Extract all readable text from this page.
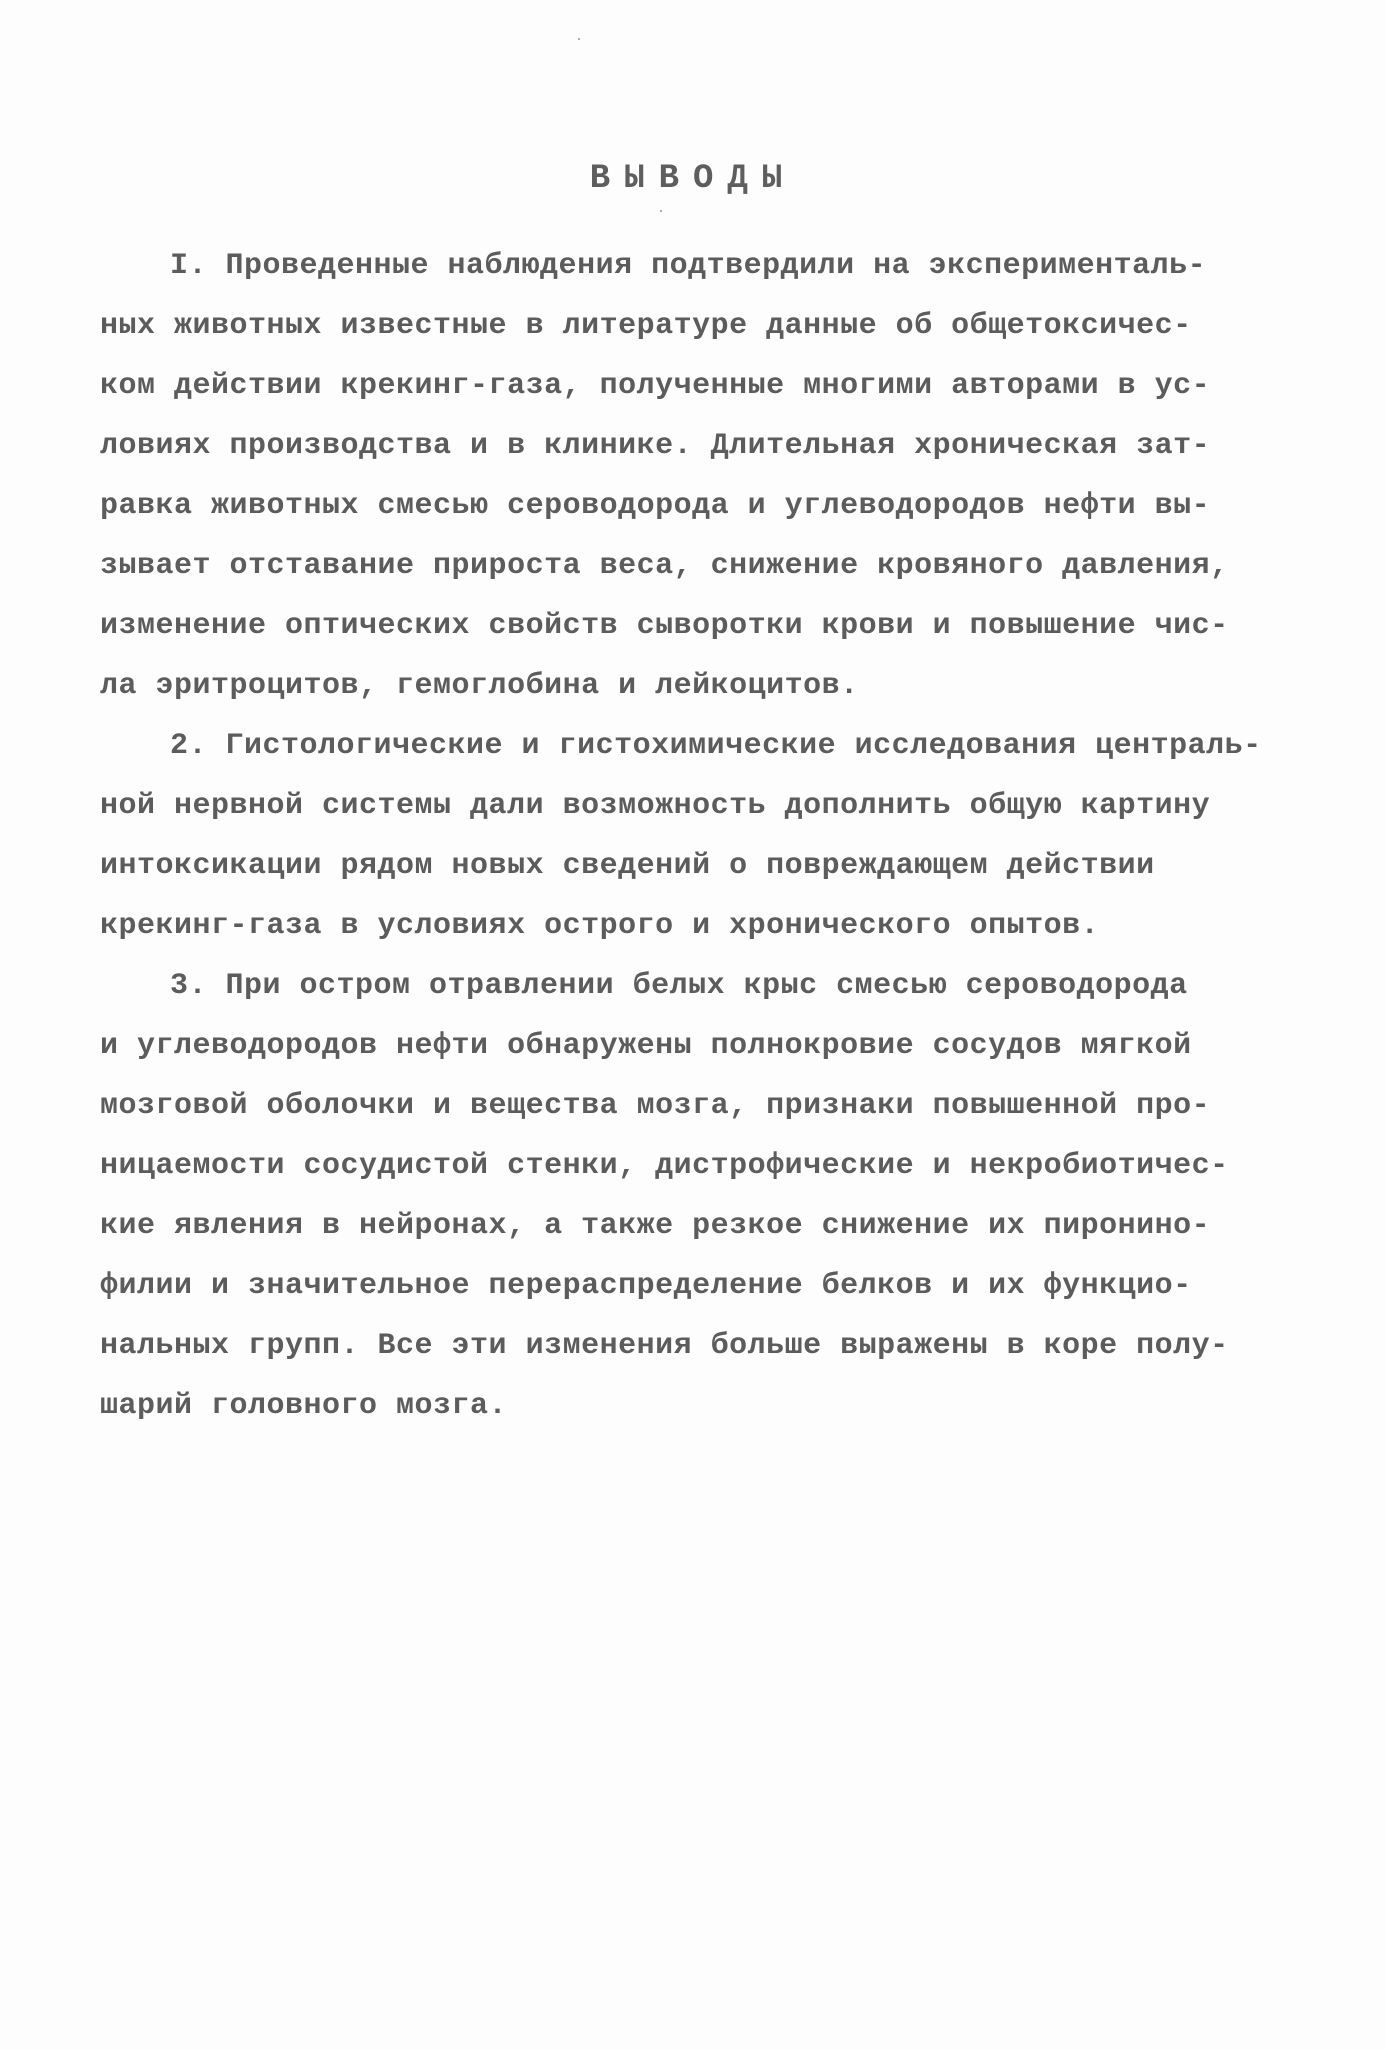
ВЫВОДЫ
I. Проведенные наблюдения подтвердили на эксперименталь-
ных животных известные в литературе данные об общетоксичес-
ком действии крекинг-газа, полученные многими авторами в ус-
ловиях производства и в клинике. Длительная хроническая зат-
равка животных смесью сероводорода и углеводородов нефти вы-
зывает отставание прироста веса, снижение кровяного давления,
изменение оптических свойств сыворотки крови и повышение чис-
ла эритроцитов, гемоглобина и лейкоцитов.
2. Гистологические и гистохимические исследования централь-
ной нервной системы дали возможность дополнить общую картину
интоксикации рядом новых сведений о повреждающем действии
крекинг-газа в условиях острого и хронического опытов.
3. При остром отравлении белых крыс смесью сероводорода
и углеводородов нефти обнаружены полнокровие сосудов мягкой
мозговой оболочки и вещества мозга, признаки повышенной про-
ницаемости сосудистой стенки, дистрофические и некробиотичес-
кие явления в нейронах, а также резкое снижение их пиронино-
филии и значительное перераспределение белков и их функцио-
нальных групп. Все эти изменения больше выражены в коре полу-
шарий головного мозга.
